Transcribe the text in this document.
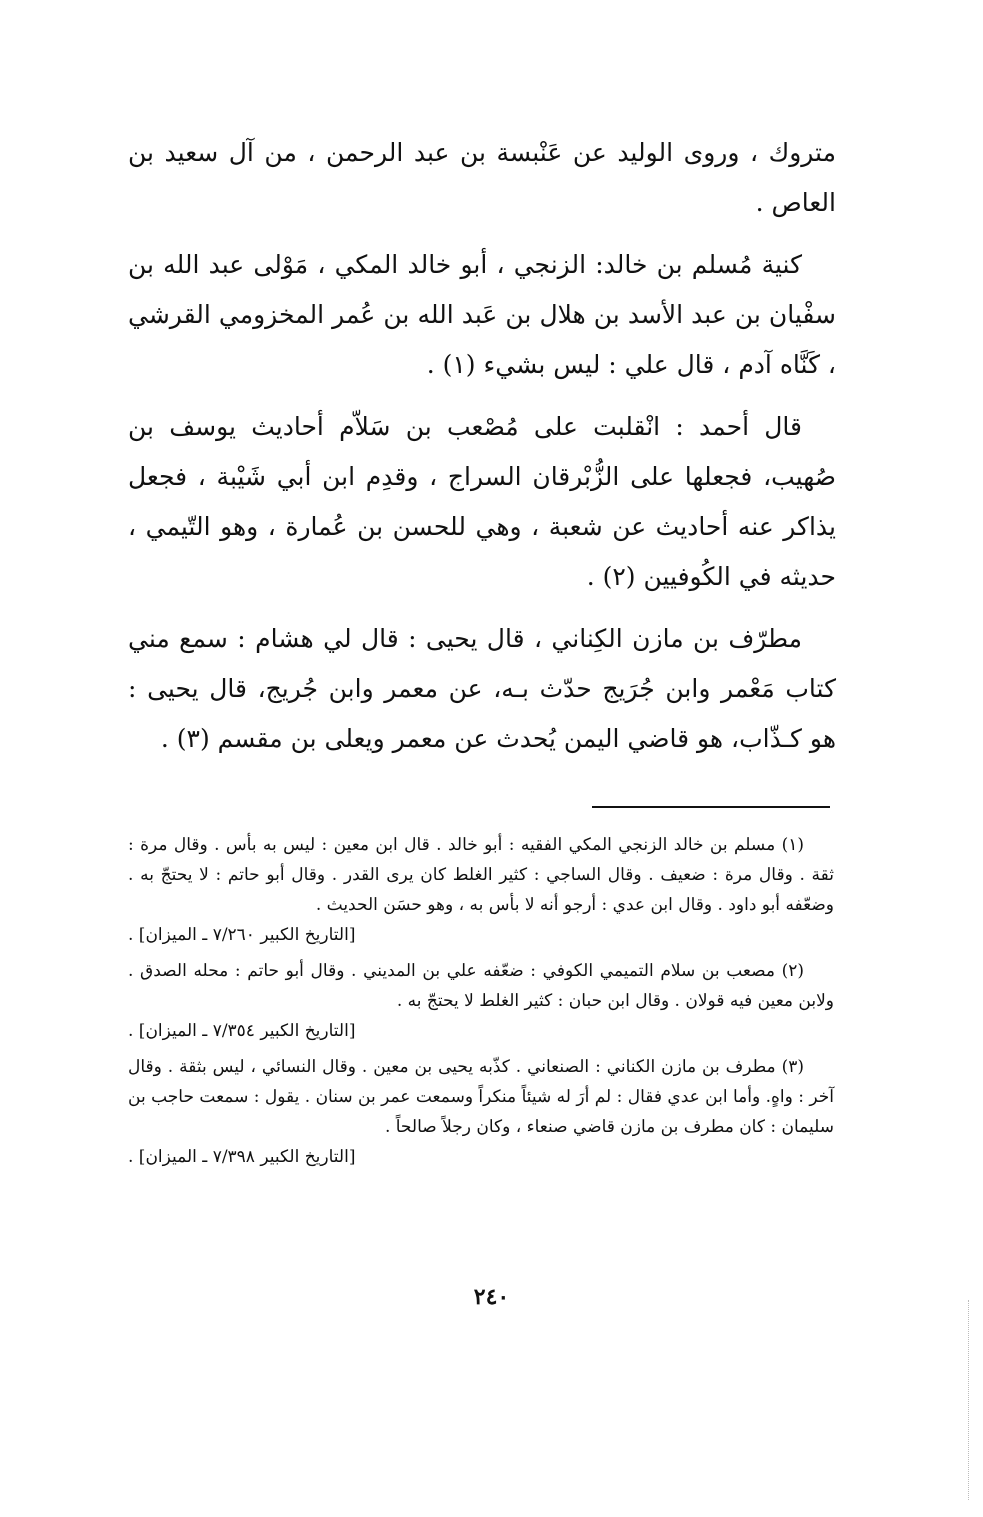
متروك ، وروى الوليد عن عَنْبسة بن عبد الرحمن ، من آل سعيد بن العاص .

كنية مُسلم بن خالد: الزنجي ، أبو خالد المكي ، مَوْلى عبد الله بن سفْيان بن عبد الأسد بن هلال بن عَبد الله بن عُمر المخزومي القرشي ، كَنَّاه آدم ، قال علي : ليس بشيء (١) .

قال أحمد : انْقلبت على مُصْعب بن سَلاّم أحاديث يوسف بن صُهيب، فجعلها على الزُّبْرقان السراج ، وقدِم ابن أبي شَيْبة ، فجعل يذاكر عنه أحاديث عن شعبة ، وهي للحسن بن عُمارة ، وهو التّيمي ، حديثه في الكُوفيين (٢) .

مطرّف بن مازن الكِناني ، قال يحيى : قال لي هشام : سمع مني كتاب مَعْمر وابن جُرَيج حدّث بـه، عن معمر وابن جُريج، قال يحيى : هو كـذّاب، هو قاضي اليمن يُحدث عن معمر ويعلى بن مقسم (٣) .

(١) مسلم بن خالد الزنجي المكي الفقيه : أبو خالد . قال ابن معين : ليس به بأس . وقال مرة : ثقة . وقال مرة : ضعيف . وقال الساجي : كثير الغلط كان يرى القدر . وقال أبو حاتم : لا يحتجّ به . وضعّفه أبو داود . وقال ابن عدي : أرجو أنه لا بأس به ، وهو حسَن الحديث .
[التاريخ الكبير ٧/٢٦٠ ـ الميزان] .
(٢) مصعب بن سلام التميمي الكوفي : ضعّفه علي بن المديني . وقال أبو حاتم : محله الصدق . ولابن معين فيه قولان . وقال ابن حبان : كثير الغلط لا يحتجّ به .
[التاريخ الكبير ٧/٣٥٤ ـ الميزان] .
(٣) مطرف بن مازن الكناني : الصنعاني . كذّبه يحيى بن معين . وقال النسائي ، ليس بثقة . وقال آخر : واهٍ. وأما ابن عدي فقال : لم أرَ له شيئاً منكراً وسمعت عمر بن سنان . يقول : سمعت حاجب بن سليمان : كان مطرف بن مازن قاضي صنعاء ، وكان رجلاً صالحاً .
[التاريخ الكبير ٧/٣٩٨ ـ الميزان] .
٢٤٠
